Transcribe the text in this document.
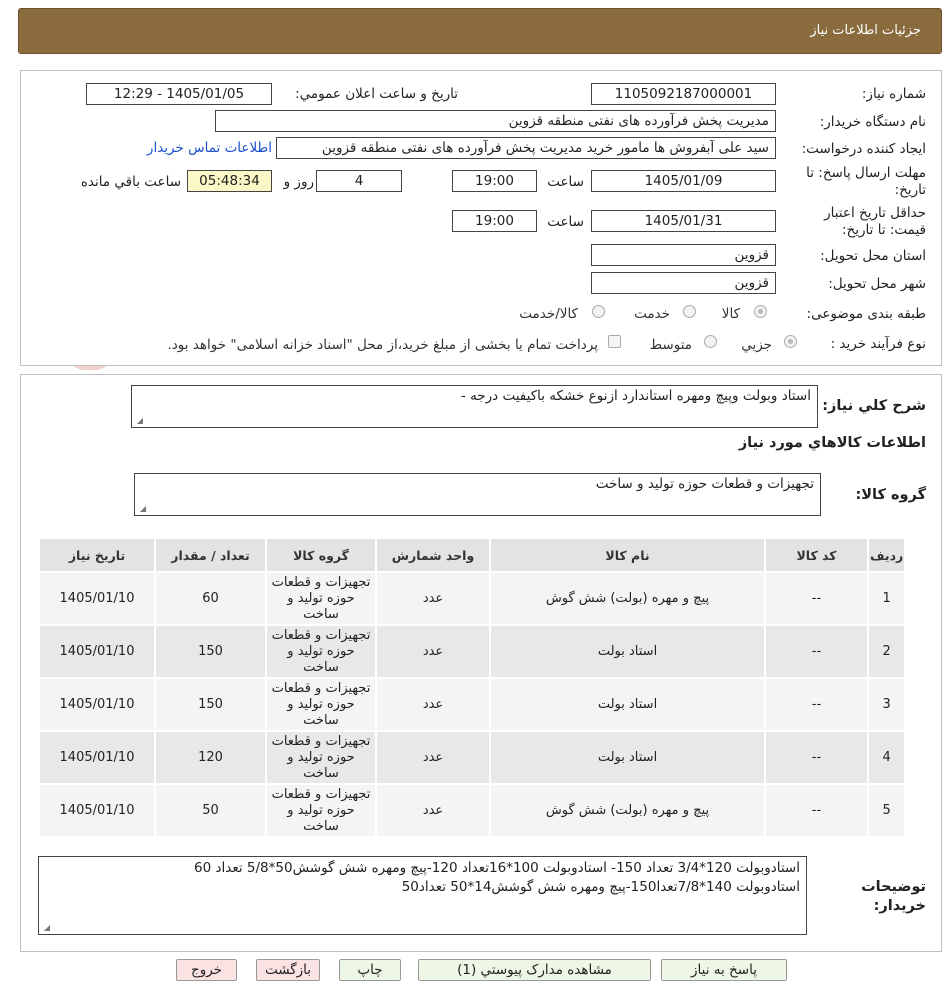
جزئیات اطلاعات نیاز
شماره نیاز:
1105092187000001
تاریخ و ساعت اعلان عمومي:
1405/01/05 - 12:29
نام دستگاه خريدار:
مدیریت پخش فرآورده های نفتی منطقه قزوین
ايجاد کننده درخواست:
سید علی آبفروش ها مامور خرید مدیریت پخش فرآورده های نفتی منطقه قزوین
اطلاعات تماس خریدار
مهلت ارسال پاسخ: تا تاريخ:
1405/01/09
ساعت
19:00
4
روز و
05:48:34
ساعت باقي مانده
حداقل تاريخ اعتبار قيمت: تا تاريخ:
1405/01/31
ساعت
19:00
استان محل تحويل:
قزوین
شهر محل تحويل:
قزوین
طبقه بندی موضوعی:
کالا
خدمت
کالا/خدمت
نوع فرآيند خريد :
جزيي
متوسط
پرداخت تمام یا بخشی از مبلغ خرید،از محل "اسناد خزانه اسلامی" خواهد بود.
شرح کلي نياز:
استاد وبولت وپیچ ومهره استاندارد ازنوع خشکه باکیفیت درجه -
◢
اطلاعات کالاهاي مورد نياز
گروه کالا:
تجهیزات و قطعات حوزه تولید و ساخت
◢
رديف	کد کالا	نام کالا	واحد شمارش	گروه کالا	تعداد / مقدار	تاريخ نياز
1	--	پیچ و مهره (بولت) شش گوش	عدد	تجهیزات و قطعات حوزه تولید و ساخت	60	1405/01/10
2	--	استاد بولت	عدد	تجهیزات و قطعات حوزه تولید و ساخت	150	1405/01/10
3	--	استاد بولت	عدد	تجهیزات و قطعات حوزه تولید و ساخت	150	1405/01/10
4	--	استاد بولت	عدد	تجهیزات و قطعات حوزه تولید و ساخت	120	1405/01/10
5	--	پیچ و مهره (بولت) شش گوش	عدد	تجهیزات و قطعات حوزه تولید و ساخت	50	1405/01/10
توضيحات خريدار:
استادوبولت 120*3/4 تعداد 150- استادوبولت 100*16تعداد 120-پیچ ومهره شش گوشش50*5/8 تعداد 60
استادوبولت 140*7/8تعدا150-پیچ ومهره شش گوشش14*50 تعداد50
◢
پاسخ به نياز
مشاهده مدارک پيوستي (1)
چاپ
بازگشت
خروج
